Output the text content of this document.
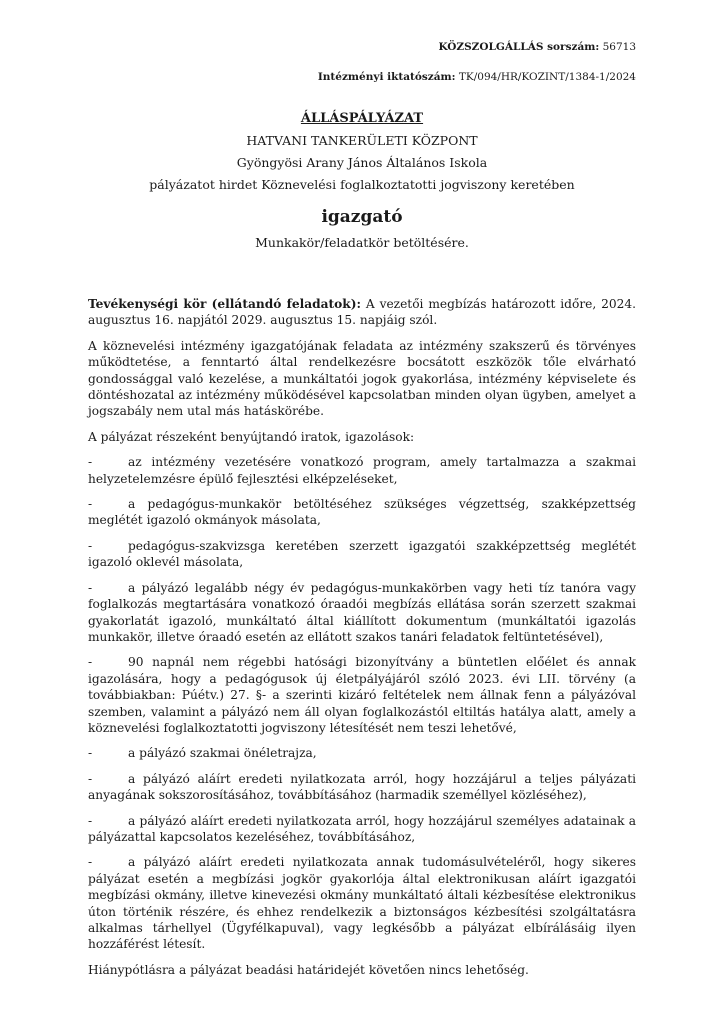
KÖZSZOLGÁLLÁS sorszám: 56713
Intézményi iktatószám: TK/094/HR/KOZINT/1384-1/2024
ÁLLÁSPÁLYÁZAT
HATVANI TANKERÜLETI KÖZPONT
Gyöngyösi Arany János Általános Iskola
pályázatot hirdet Köznevelési foglalkoztatotti jogviszony keretében
igazgató
Munkakör/feladatkör betöltésére.

Tevékenységi kör (ellátandó feladatok): A vezetői megbízás határozott időre, 2024. augusztus 16. napjától 2029. augusztus 15. napjáig szól.

A köznevelési intézmény igazgatójának feladata az intézmény szakszerű és törvényes működtetése, a fenntartó által rendelkezésre bocsátott eszközök tőle elvárható gondossággal való kezelése, a munkáltatói jogok gyakorlása, intézmény képviselete és döntéshozatal az intézmény működésével kapcsolatban minden olyan ügyben, amelyet a jogszabály nem utal más hatáskörébe.

A pályázat részeként benyújtandó iratok, igazolások:

-	az intézmény vezetésére vonatkozó program, amely tartalmazza a szakmai helyzetelemzésre épülő fejlesztési elképzeléseket,
-	a pedagógus-munkakör betöltéséhez szükséges végzettség, szakképzettség meglétét igazoló okmányok másolata,
-	pedagógus-szakvizsga keretében szerzett igazgatói szakképzettség meglétét igazoló oklevél másolata,
-	a pályázó legalább négy év pedagógus-munkakörben vagy heti tíz tanóra vagy foglalkozás megtartására vonatkozó óraadói megbízás ellátása során szerzett szakmai gyakorlatát igazoló, munkáltató által kiállított dokumentum (munkáltatói igazolás munkakör, illetve óraadó esetén az ellátott szakos tanári feladatok feltüntetésével),
-	90 napnál nem régebbi hatósági bizonyítvány a büntetlen előélet és annak igazolására, hogy a pedagógusok új életpályájáról szóló 2023. évi LII. törvény (a továbbiakban: Púétv.) 27. §- a szerinti kizáró feltételek nem állnak fenn a pályázóval szemben, valamint a pályázó nem áll olyan foglalkozástól eltiltás hatálya alatt, amely a köznevelési foglalkoztatotti jogviszony létesítését nem teszi lehetővé,
-	a pályázó szakmai önéletrajza,
-	a pályázó aláírt eredeti nyilatkozata arról, hogy hozzájárul a teljes pályázati anyagának sokszorosításához, továbbításához (harmadik személlyel közléséhez),
-	a pályázó aláírt eredeti nyilatkozata arról, hogy hozzájárul személyes adatainak a pályázattal kapcsolatos kezeléséhez, továbbításához,
-	a pályázó aláírt eredeti nyilatkozata annak tudomásulvételéről, hogy sikeres pályázat esetén a megbízási jogkör gyakorlója által elektronikusan aláírt igazgatói megbízási okmány, illetve kinevezési okmány munkáltató általi kézbesítése elektronikus úton történik részére, és ehhez rendelkezik a biztonságos kézbesítési szolgáltatásra alkalmas tárhellyel (Ügyfélkapuval), vagy legkésőbb a pályázat elbírálásáig ilyen hozzáférést létesít.

Hiánypótlásra a pályázat beadási határidejét követően nincs lehetőség.
